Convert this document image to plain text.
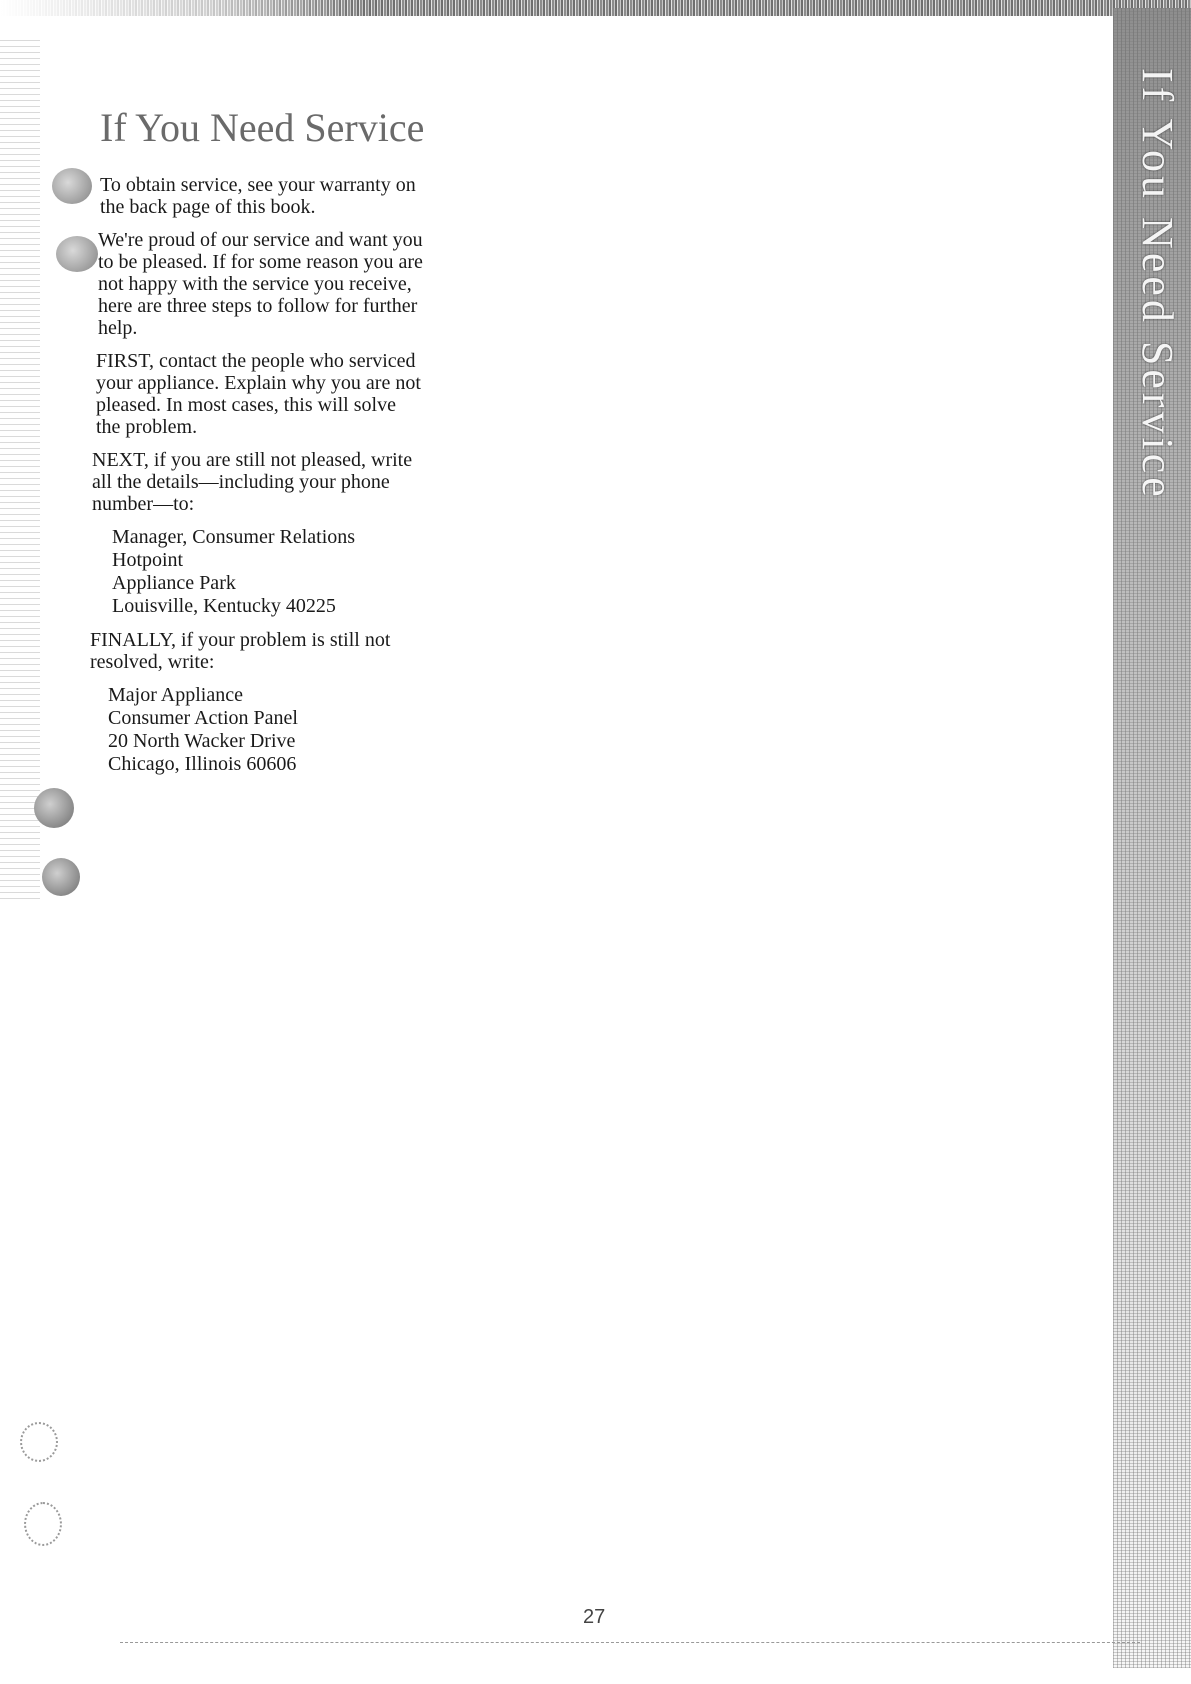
If You Need Service
If You Need Service

To obtain service, see your warranty on the back page of this book.

We're proud of our service and want you to be pleased. If for some reason you are not happy with the service you receive, here are three steps to follow for further help.

FIRST, contact the people who serviced your appliance. Explain why you are not pleased. In most cases, this will solve the problem.

NEXT, if you are still not pleased, write all the details—including your phone number—to:

Manager, Consumer Relations
Hotpoint
Appliance Park
Louisville, Kentucky 40225

FINALLY, if your problem is still not resolved, write:

Major Appliance
Consumer Action Panel
20 North Wacker Drive
Chicago, Illinois 60606
27
